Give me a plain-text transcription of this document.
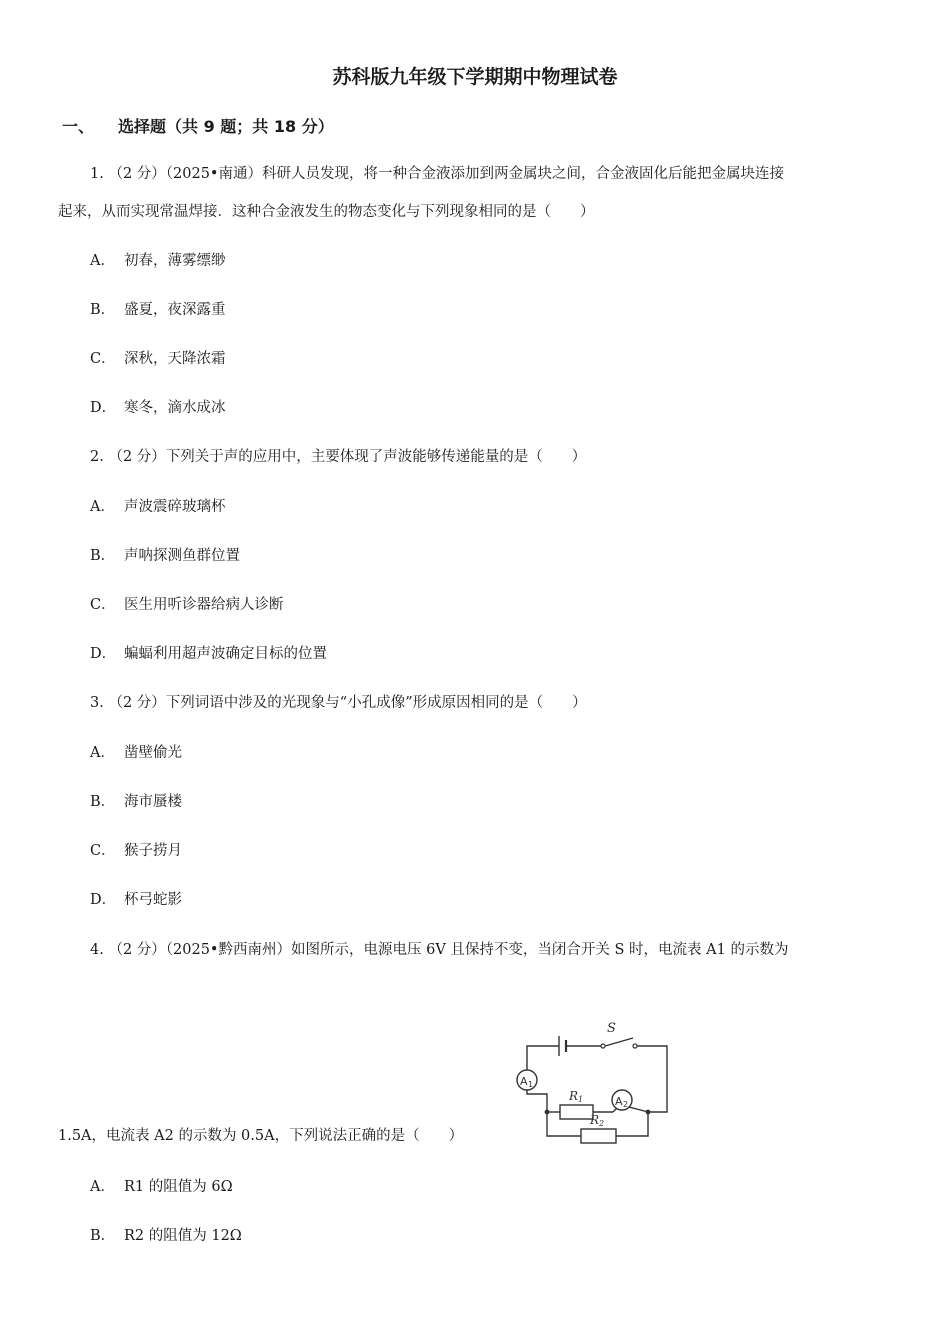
苏科版九年级下学期期中物理试卷
一、 选择题（共 9 题；共 18 分）
1. （2 分）（2025•南通）科研人员发现，将一种合金液添加到两金属块之间，合金液固化后能把金属块连接
起来，从而实现常温焊接．这种合金液发生的物态变化与下列现象相同的是（　　）
A． 初春，薄雾缥缈
B． 盛夏，夜深露重
C． 深秋，天降浓霜
D． 寒冬，滴水成冰
2. （2 分）下列关于声的应用中，主要体现了声波能够传递能量的是（　　）
A． 声波震碎玻璃杯
B． 声呐探测鱼群位置
C． 医生用听诊器给病人诊断
D． 蝙蝠利用超声波确定目标的位置
3. （2 分）下列词语中涉及的光现象与“小孔成像”形成原因相同的是（　　）
A． 凿壁偷光
B． 海市蜃楼
C． 猴子捞月
D． 杯弓蛇影
4. （2 分）（2025•黔西南州）如图所示，电源电压 6V 且保持不变，当闭合开关 S 时，电流表 A1 的示数为
S
A 1
A 2
R 1
R 2
1.5A，电流表 A2 的示数为 0.5A，下列说法正确的是（　　）
A． R1 的阻值为 6Ω
B． R2 的阻值为 12Ω
